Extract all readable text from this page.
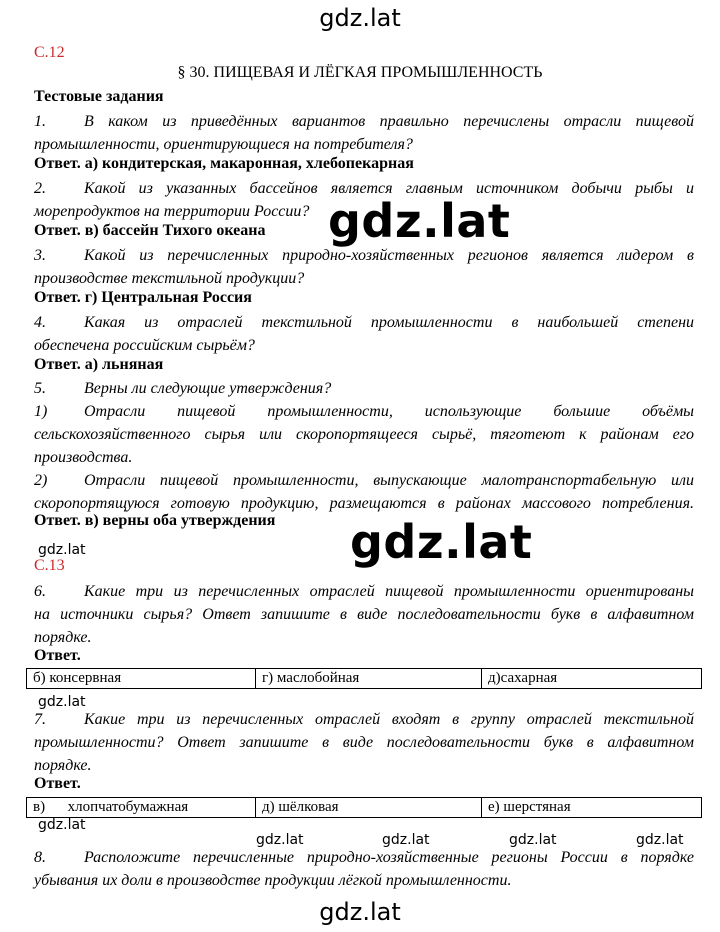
gdz.lat
С.12
§ 30. ПИЩЕВАЯ И ЛЁГКАЯ ПРОМЫШЛЕННОСТЬ
Тестовые задания
1. В каком из приведённых вариантов правильно перечислены отрасли пищевой
промышленности, ориентирующиеся на потребителя?
Ответ. а) кондитерская, макаронная, хлебопекарная
2. Какой из указанных бассейнов является главным источником добычи рыбы и
морепродуктов на территории России?
Ответ. в) бассейн Тихого океана gdz.lat
3. Какой из перечисленных природно-хозяйственных регионов является лидером в
производстве текстильной продукции?
Ответ. г) Центральная Россия
4. Какая из отраслей текстильной промышленности в наибольшей степени
обеспечена российским сырьём?
Ответ. а) льняная
5. Верны ли следующие утверждения?
1) Отрасли пищевой промышленности, использующие большие объёмы
сельскохозяйственного сырья или скоропортящееся сырьё, тяготеют к районам его
производства.
2) Отрасли пищевой промышленности, выпускающие малотранспортабельную или
скоропортящуюся готовую продукцию, размещаются в районах массового потребления.
Ответ. в) верны оба утверждения gdz.lat
gdz.lat
С.13
6. Какие три из перечисленных отраслей пищевой промышленности ориентированы
на источники сырья? Ответ запишите в виде последовательности букв в алфавитном
порядке.
Ответ.
б) консервная	г) маслобойная	д)сахарная
gdz.lat
7. Какие три из перечисленных отраслей входят в группу отраслей текстильной
промышленности? Ответ запишите в виде последовательности букв в алфавитном
порядке.
Ответ.
в)      хлопчатобумажная	д) шёлковая	е) шерстяная
gdz.lat
gdz.lat	gdz.lat	gdz.lat	gdz.lat
8. Расположите перечисленные природно-хозяйственные регионы России в порядке
убывания их доли в производстве продукции лёгкой промышленности.
gdz.lat
